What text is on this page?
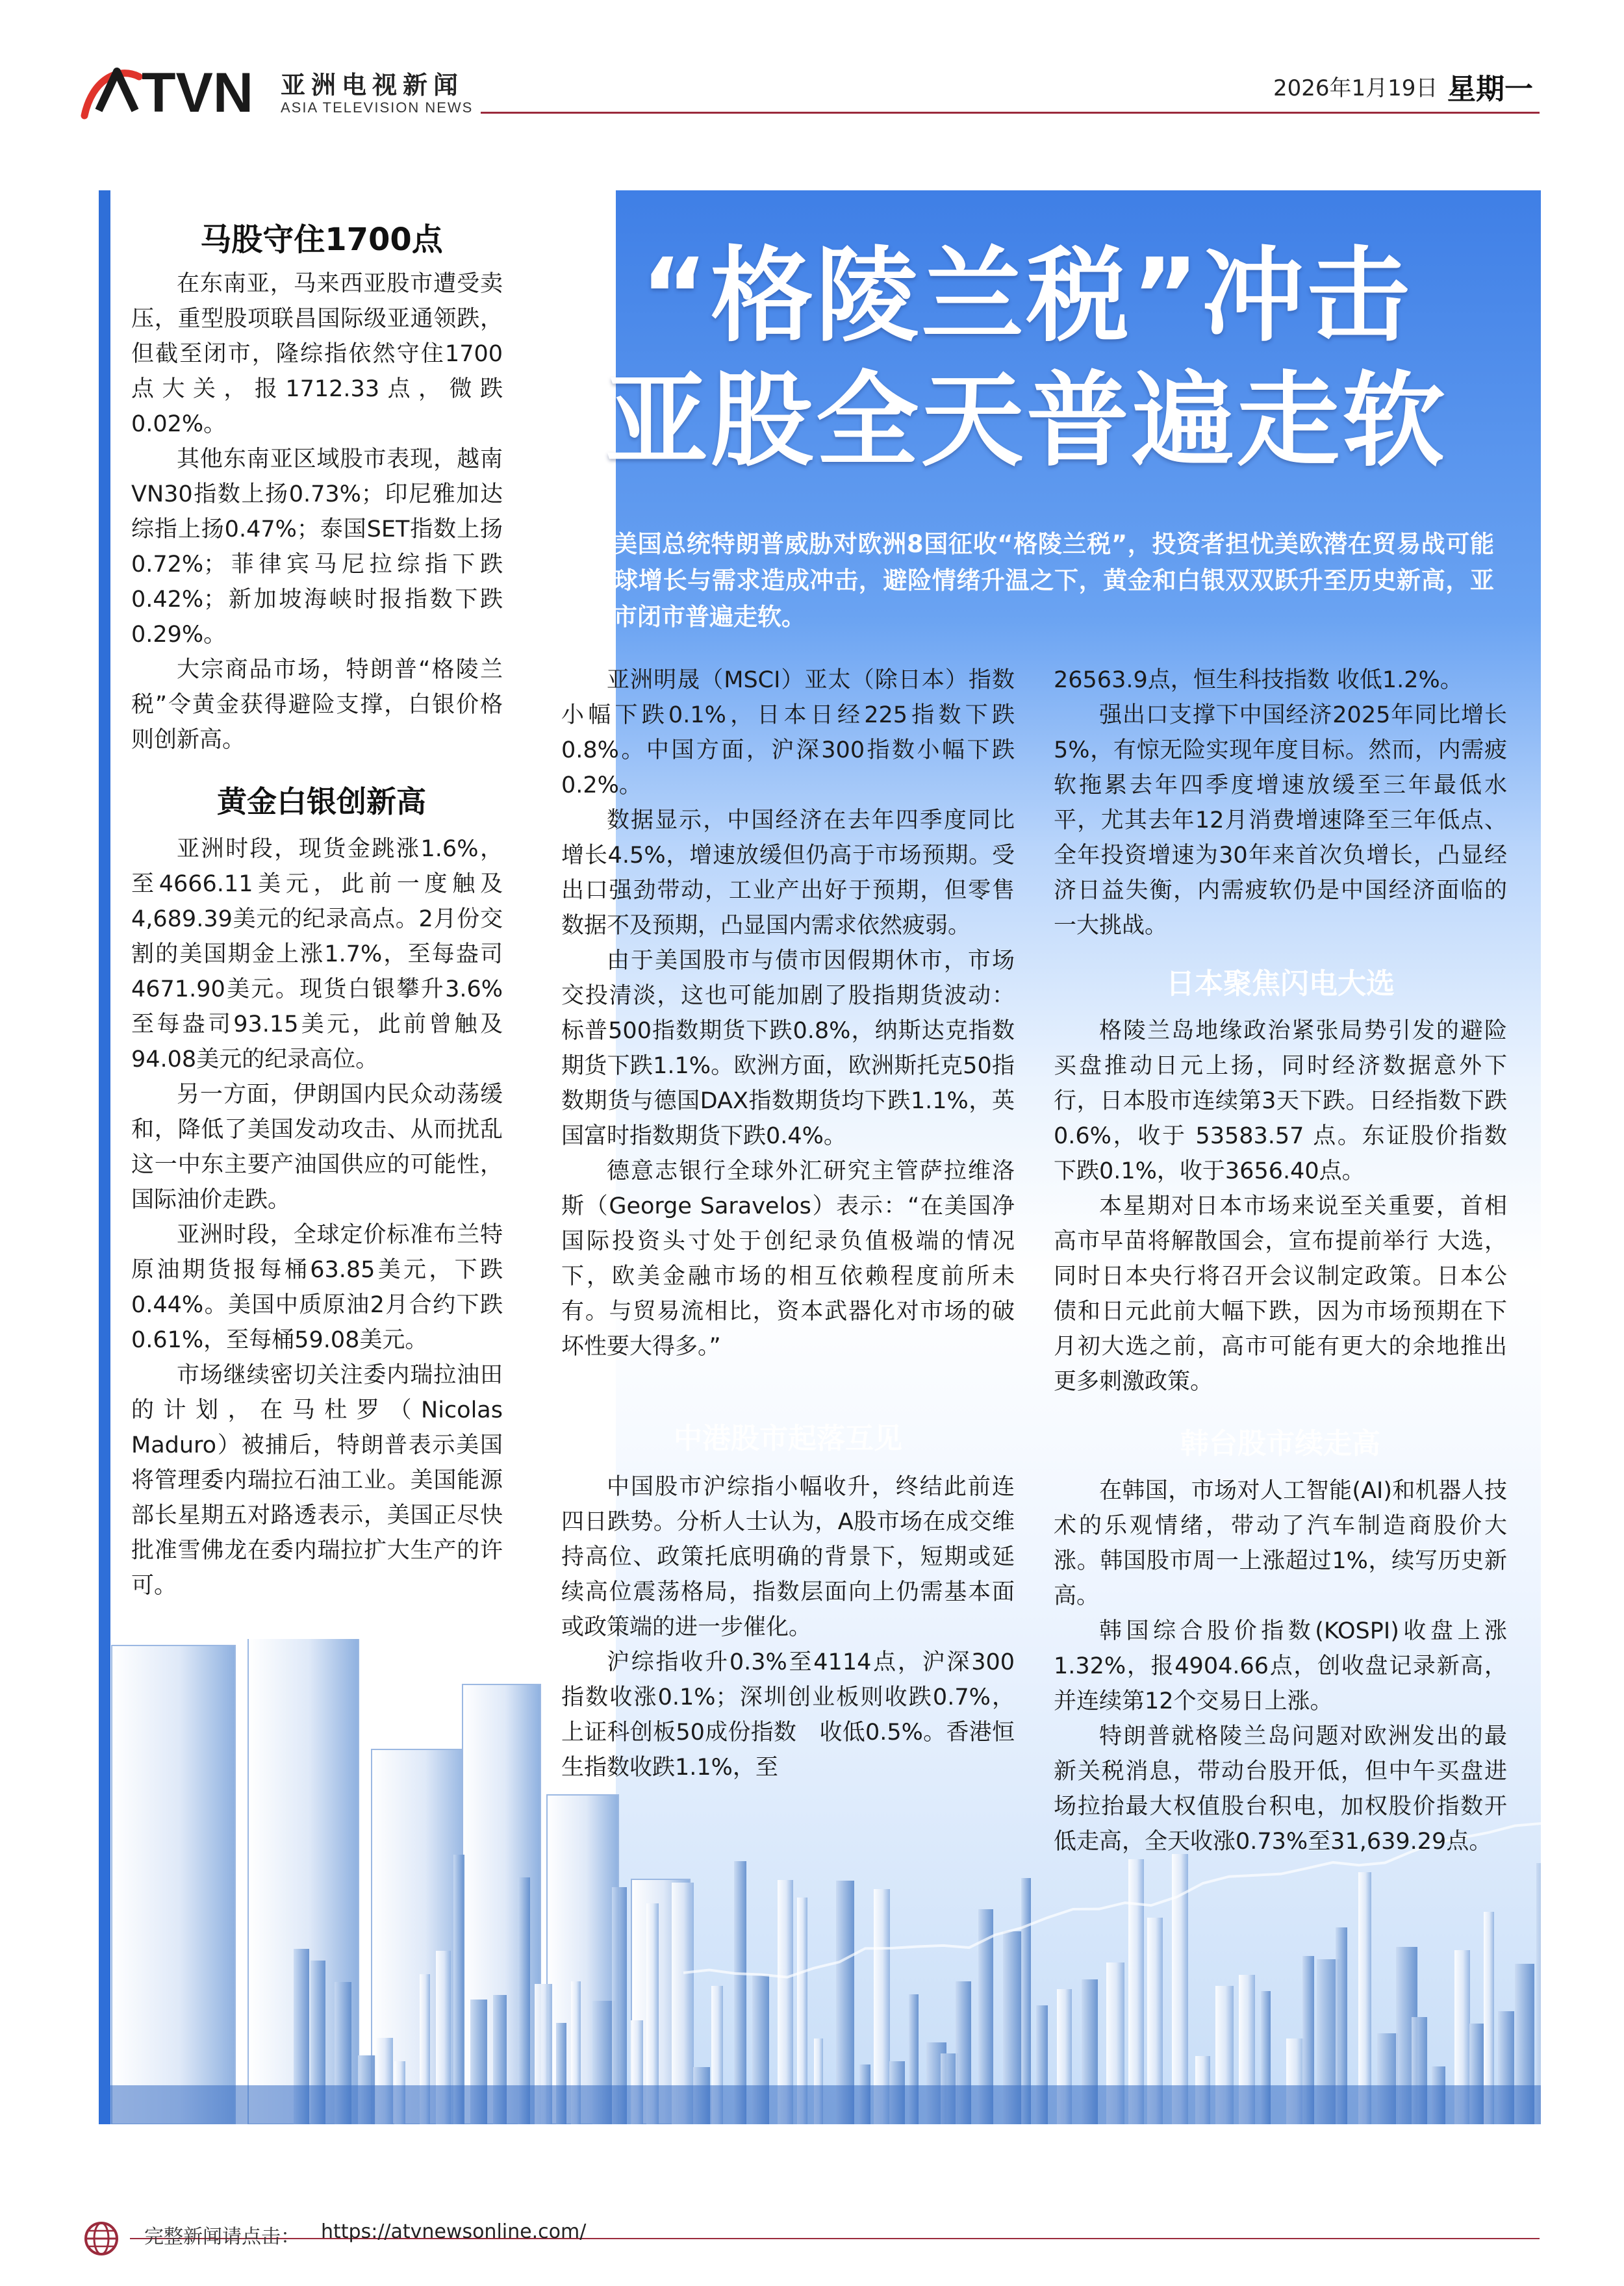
TVN 亚洲电视新闻
ASIA TELEVISION NEWS
2026年1月19日 星期一
马股守住1700点

在东南亚，马来西亚股市遭受卖压，重型股项联昌国际级亚通领跌，但截至闭市，隆综指依然守住1700点大关，报1712.33点，微跌0.02%。

其他东南亚区域股市表现，越南VN30指数上扬0.73%；印尼雅加达综指上扬0.47%；泰国SET指数上扬0.72%；菲律宾马尼拉综指下跌0.42%；新加坡海峡时报指数下跌0.29%。

大宗商品市场，特朗普“格陵兰税”令黄金获得避险支撑，白银价格则创新高。

黄金白银创新高

亚洲时段，现货金跳涨1.6%，至4666.11美元，此前一度触及4,689.39美元的纪录高点。2月份交割的美国期金上涨1.7%，至每盎司4671.90美元。现货白银攀升3.6%至每盎司93.15美元，此前曾触及94.08美元的纪录高位。

另一方面，伊朗国内民众动荡缓和，降低了美国发动攻击、从而扰乱这一中东主要产油国供应的可能性，国际油价走跌。

亚洲时段，全球定价标准布兰特原油期货报每桶63.85美元，下跌0.44%。美国中质原油2月合约下跌0.61%，至每桶59.08美元。

市场继续密切关注委内瑞拉油田的计划，在马杜罗（Nicolas Maduro）被捕后，特朗普表示美国将管理委内瑞拉石油工业。美国能源部长星期五对路透表示，美国正尽快批准雪佛龙在委内瑞拉扩大生产的许可。

“格陵兰税”冲击
亚股全天普遍走软
美国总统特朗普威胁对欧洲8国征收“格陵兰税”，投资者担忧美欧潜在贸易战可能对全球增长与需求造成冲击，避险情绪升温之下，黄金和白银双双跃升至历史新高，亚洲股市闭市普遍走软。

亚洲明晟（MSCI）亚太（除日本）指数小幅下跌0.1%，日本日经225指数下跌0.8%。中国方面，沪深300指数小幅下跌0.2%。

数据显示，中国经济在去年四季度同比增长4.5%，增速放缓但仍高于市场预期。受出口强劲带动，工业产出好于预期，但零售数据不及预期，凸显国内需求依然疲弱。

由于美国股市与债市因假期休市，市场交投清淡，这也可能加剧了股指期货波动：标普500指数期货下跌0.8%，纳斯达克指数期货下跌1.1%。欧洲方面，欧洲斯托克50指数期货与德国DAX指数期货均下跌1.1%，英国富时指数期货下跌0.4%。

德意志银行全球外汇研究主管萨拉维洛斯（George Saravelos）表示：“在美国净国际投资头寸处于创纪录负值极端的情况下，欧美金融市场的相互依赖程度前所未有。与贸易流相比，资本武器化对市场的破坏性要大得多。”

中港股市起落互见

中国股市沪综指小幅收升，终结此前连四日跌势。分析人士认为，A股市场在成交维持高位、政策托底明确的背景下，短期或延续高位震荡格局，指数层面向上仍需基本面或政策端的进一步催化。

沪综指收升0.3%至4114点，沪深300指数收涨0.1%；深圳创业板则收跌0.7%，上证科创板50成份指数　收低0.5%。香港恒生指数收跌1.1%，至

26563.9点，恒生科技指数 收低1.2%。

强出口支撑下中国经济2025年同比增长5%，有惊无险实现年度目标。然而，内需疲软拖累去年四季度增速放缓至三年最低水平，尤其去年12月消费增速降至三年低点、全年投资增速为30年来首次负增长，凸显经济日益失衡，内需疲软仍是中国经济面临的一大挑战。

日本聚焦闪电大选

格陵兰岛地缘政治紧张局势引发的避险买盘推动日元上扬，同时经济数据意外下行，日本股市连续第3天下跌。日经指数下跌 0.6%，收于 53583.57 点。东证股价指数下跌0.1%，收于3656.40点。

本星期对日本市场来说至关重要，首相高市早苗将解散国会，宣布提前举行 大选，同时日本央行将召开会议制定政策。日本公债和日元此前大幅下跌，因为市场预期在下月初大选之前，高市可能有更大的余地推出更多刺激政策。

韩台股市续走高

在韩国，市场对人工智能(AI)和机器人技术的乐观情绪，带动了汽车制造商股价大涨。韩国股市周一上涨超过1%，续写历史新高。

韩国综合股价指数(KOSPI)收盘上涨1.32%，报4904.66点，创收盘记录新高，并连续第12个交易日上涨。

特朗普就格陵兰岛问题对欧洲发出的最新关税消息，带动台股开低，但中午买盘进场拉抬最大权值股台积电，加权股价指数开低走高，全天收涨0.73%至31,639.29点。

完整新闻请点击： https://atvnewsonline.com/
